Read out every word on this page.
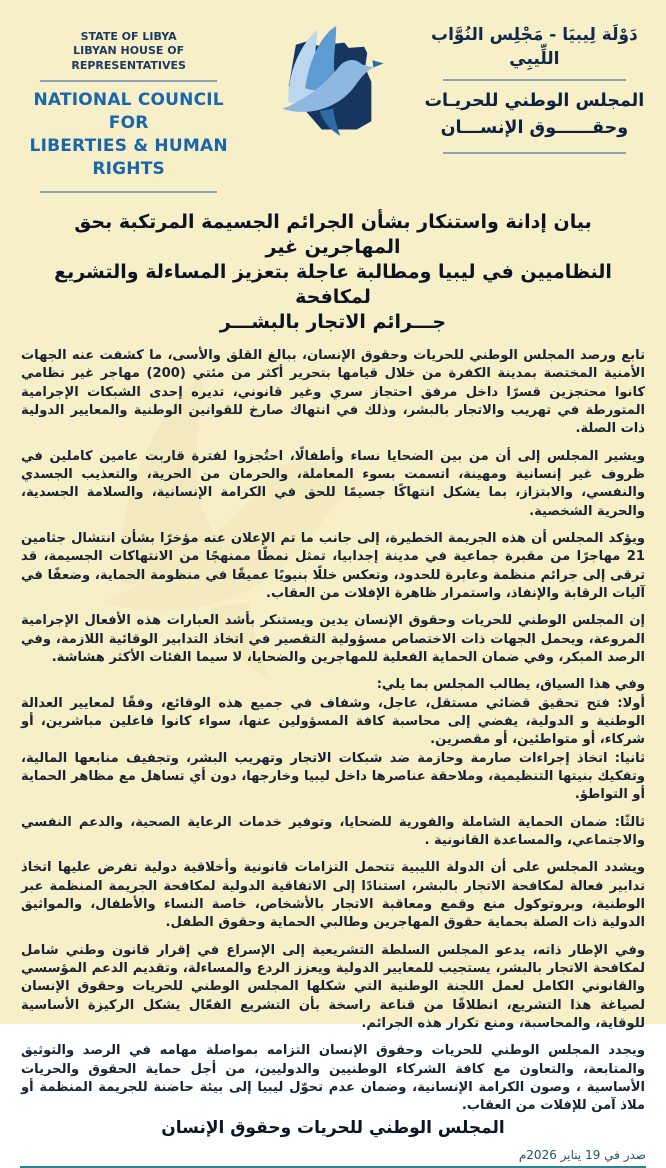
STATE OF LIBYA
LIBYAN HOUSE OF REPRESENTATIVES
NATIONAL COUNCIL FOR
LIBERTIES & HUMAN RIGHTS
دَوْلَة لِيبيَا - مَجْلِس النُوَّاب اللِّيبِي
المجلس الوطني للحريـات
وحقــــــوق الإنســـان
بيان إدانة واستنكار بشأن الجرائم الجسيمة المرتكبة بحق المهاجرين غير
النظاميين في ليبيا ومطالبة عاجلة بتعزيز المساءلة والتشريع لمكافحة
جـــرائم الاتجار بالبشـــر

تابع ورصد المجلس الوطني للحريات وحقوق الإنسان، ببالغ القلق والأسى، ما كشفت عنه الجهات الأمنية المختصة بمدينة الكفرة من خلال قيامها بتحرير أكثر من مئتي (200) مهاجر غير نظامي كانوا محتجزين قسرًا داخل مرفق احتجاز سري وغير قانوني، تديره إحدى الشبكات الإجرامية المتورطة في تهريب والاتجار بالبشر، وذلك في انتهاك صارخ للقوانين الوطنية والمعايير الدولية ذات الصلة.

ويشير المجلس إلى أن من بين الضحايا نساء وأطفالًا، احتُجزوا لفترة قاربت عامين كاملين في ظروف غير إنسانية ومهينة، اتسمت بسوء المعاملة، والحرمان من الحرية، والتعذيب الجسدي والنفسي، والابتزاز، بما يشكل انتهاكًا جسيمًا للحق في الكرامة الإنسانية، والسلامة الجسدية، والحرية الشخصية.

ويؤكد المجلس أن هذه الجريمة الخطيرة، إلى جانب ما تم الإعلان عنه مؤخرًا بشأن انتشال جثامين 21 مهاجرًا من مقبرة جماعية في مدينة إجدابيا، تمثل نمطًا ممنهجًا من الانتهاكات الجسيمة، قد ترقى إلى جرائم منظمة وعابرة للحدود، وتعكس خللًا بنيويًا عميقًا في منظومة الحماية، وضعفًا في آليات الرقابة والإنفاذ، واستمرار ظاهرة الإفلات من العقاب.

إن المجلس الوطني للحريات وحقوق الإنسان يدين ويستنكر بأشد العبارات هذه الأفعال الإجرامية المروعة، ويحمل الجهات ذات الاختصاص مسؤولية التقصير في اتخاذ التدابير الوقائية اللازمة، وفي الرصد المبكر، وفي ضمان الحماية الفعلية للمهاجرين والضحايا، لا سيما الفئات الأكثر هشاشة.

وفي هذا السياق، يطالب المجلس بما يلي:

أولا: فتح تحقيق قضائي مستقل، عاجل، وشفاف في جميع هذه الوقائع، وفقًا لمعايير العدالة الوطنية و الدولية، يفضي إلى محاسبة كافة المسؤولين عنها، سواء كانوا فاعلين مباشرين، أو شركاء، أو متواطئين، أو مقصرين.

ثانيا: اتخاذ إجراءات صارمة وحازمة ضد شبكات الاتجار وتهريب البشر، وتجفيف منابعها المالية، وتفكيك بنيتها التنظيمية، وملاحقة عناصرها داخل ليبيا وخارجها، دون أي تساهل مع مظاهر الحماية أو التواطؤ.

ثالثًا: ضمان الحماية الشاملة والفورية للضحايا، وتوفير خدمات الرعاية الصحية، والدعم النفسي والاجتماعي، والمساعدة القانونية .

ويشدد المجلس على أن الدولة الليبية تتحمل التزامات قانونية وأخلاقية دولية تفرض عليها اتخاذ تدابير فعالة لمكافحة الاتجار بالبشر، استنادًا إلى الاتفاقية الدولية لمكافحة الجريمة المنظمة عبر الوطنية، وبروتوكول منع وقمع ومعاقبة الاتجار بالأشخاص، خاصة النساء والأطفال، والمواثيق الدولية ذات الصلة بحماية حقوق المهاجرين وطالبي الحماية وحقوق الطفل.

وفي الإطار ذاته، يدعو المجلس السلطة التشريعية إلى الإسراع في إقرار قانون وطني شامل لمكافحة الاتجار بالبشر، يستجيب للمعايير الدولية ويعزز الردع والمساءلة، وتقديم الدعم المؤسسي والقانوني الكامل لعمل اللجنة الوطنية التي شكلها المجلس الوطني للحريات وحقوق الإنسان لصياغة هذا التشريع، انطلاقًا من قناعة راسخة بأن التشريع الفعّال يشكل الركيزة الأساسية للوقاية، والمحاسبة، ومنع تكرار هذه الجرائم.

ويجدد المجلس الوطني للحريات وحقوق الإنسان التزامه بمواصلة مهامه في الرصد والتوثيق والمتابعة، والتعاون مع كافة الشركاء الوطنيين والدوليين، من أجل حماية الحقوق والحريات الأساسية ، وصون الكرامة الإنسانية، وضمان عدم تحوّل ليبيا إلى بيئة حاضنة للجريمة المنظمة أو ملاذ آمن للإفلات من العقاب.

المجلس الوطني للحريات وحقوق الإنسان
صدر في 19 يناير 2026م
